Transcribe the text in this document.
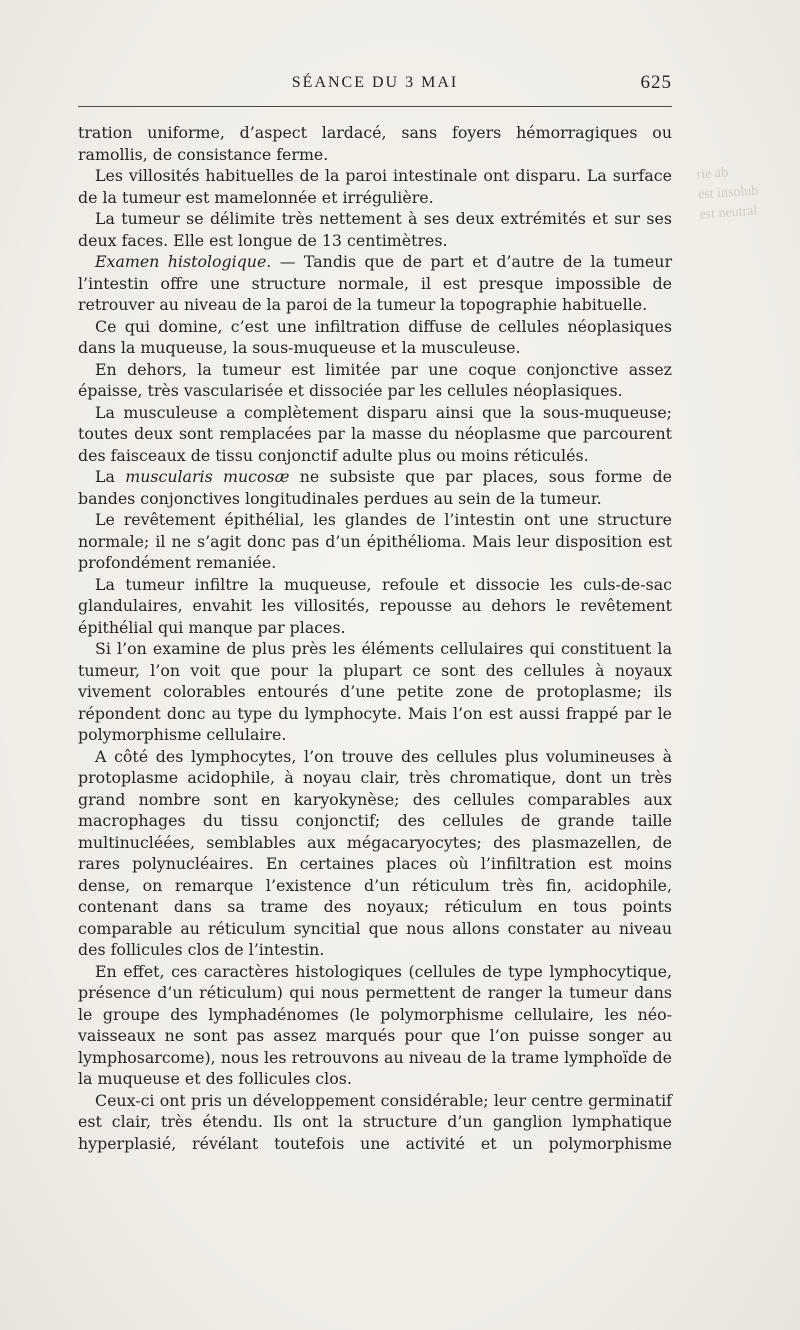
SÉANCE DU 3 MAI	625

tration uniforme, d’aspect lardacé, sans foyers hémorragiques ou ramollis, de consistance ferme.

Les villosités habituelles de la paroi intestinale ont disparu. La surface de la tumeur est mamelonnée et irrégulière.

La tumeur se délimite très nettement à ses deux extrémités et sur ses deux faces. Elle est longue de 13 centimètres.

Examen histologique. — Tandis que de part et d’autre de la tumeur l’intestin offre une structure normale, il est presque impossible de retrouver au niveau de la paroi de la tumeur la topographie habituelle.

Ce qui domine, c’est une infiltration diffuse de cellules néoplasiques dans la muqueuse, la sous-muqueuse et la musculeuse.

En dehors, la tumeur est limitée par une coque conjonctive assez épaisse, très vascularisée et dissociée par les cellules néoplasiques.

La musculeuse a complètement disparu ainsi que la sous-muqueuse; toutes deux sont remplacées par la masse du néoplasme que parcourent des faisceaux de tissu conjonctif adulte plus ou moins réticulés.

La muscularis mucosæ ne subsiste que par places, sous forme de bandes conjonctives longitudinales perdues au sein de la tumeur.

Le revêtement épithélial, les glandes de l’intestin ont une structure normale; il ne s’agit donc pas d’un épithélioma. Mais leur disposition est profondément remaniée.

La tumeur infiltre la muqueuse, refoule et dissocie les culs-de-sac glandulaires, envahit les villosités, repousse au dehors le revêtement épithélial qui manque par places.

Si l’on examine de plus près les éléments cellulaires qui constituent la tumeur, l’on voit que pour la plupart ce sont des cellules à noyaux vivement colorables entourés d’une petite zone de protoplasme; ils répondent donc au type du lymphocyte. Mais l’on est aussi frappé par le polymorphisme cellulaire.

A côté des lymphocytes, l’on trouve des cellules plus volumineuses à protoplasme acidophile, à noyau clair, très chromatique, dont un très grand nombre sont en karyokynèse; des cellules comparables aux macrophages du tissu conjonctif; des cellules de grande taille multinucléées, semblables aux mégacaryocytes; des plasmazellen, de rares polynucléaires. En certaines places où l’infiltration est moins dense, on remarque l’existence d’un réticulum très fin, acidophile, contenant dans sa trame des noyaux; réticulum en tous points comparable au réticulum syncitial que nous allons constater au niveau des follicules clos de l’intestin.

En effet, ces caractères histologiques (cellules de type lymphocytique, présence d’un réticulum) qui nous permettent de ranger la tumeur dans le groupe des lymphadénomes (le polymorphisme cellulaire, les néo-vaisseaux ne sont pas assez marqués pour que l’on puisse songer au lymphosarcome), nous les retrouvons au niveau de la trame lymphoïde de la muqueuse et des follicules clos.

Ceux-ci ont pris un développement considérable; leur centre germinatif est clair, très étendu. Ils ont la structure d’un ganglion lymphatique hyperplasié, révélant toutefois une activité et un polymorphisme

rie ab
est insolub
est neutral
